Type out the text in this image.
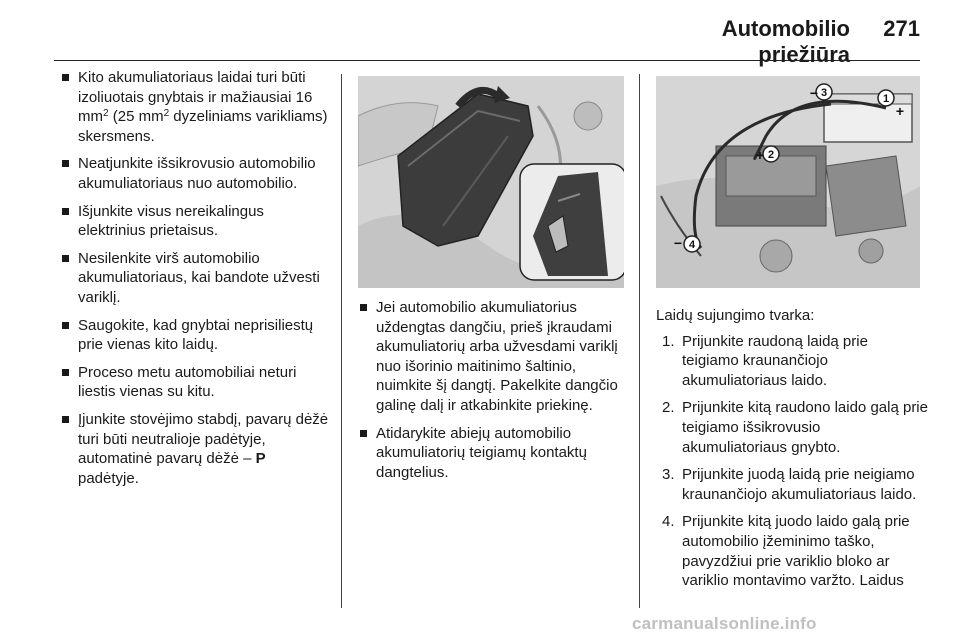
Automobilio priežiūra
271
Kito akumuliatoriaus laidai turi būti izoliuotais gnybtais ir mažiausiai 16 $mm^2$ (25 $mm^2$ dyzeliniams varikliams) skersmens.
Neatjunkite išsikrovusio automobilio akumuliatoriaus nuo automobilio.
Išjunkite visus nereikalingus elektrinius prietaisus.
Nesilenkite virš automobilio akumuliatoriaus, kai bandote užvesti variklį.
Saugokite, kad gnybtai neprisiliestų prie vienas kito laidų.
Proceso metu automobiliai neturi liestis vienas su kitu.
Įjunkite stovėjimo stabdį, pavarų dėžė turi būti neutralioje padėtyje, automatinė pavarų dėžė – P padėtyje.
Jei automobilio akumuliatorius uždengtas dangčiu, prieš įkraudami akumuliatorių arba užvesdami variklį nuo išorinio maitinimo šaltinio, nuimkite šį dangtį. Pakelkite dangčio galinę dalį ir atkabinkite priekinę.
Atidarykite abiejų automobilio akumuliatorių teigiamų kontaktų dangtelius.
1
2
3
4
+
+
−
−
Laidų sujungimo tvarka:
1. Prijunkite raudoną laidą prie teigiamo kraunančiojo akumuliatoriaus laido.
2. Prijunkite kitą raudono laido galą prie teigiamo išsikrovusio akumuliatoriaus gnybto.
3. Prijunkite juodą laidą prie neigiamo kraunančiojo akumuliatoriaus laido.
4. Prijunkite kitą juodo laido galą prie automobilio įžeminimo taško, pavyzdžiui prie variklio bloko ar variklio montavimo varžto. Laidus
carmanualsonline.info
